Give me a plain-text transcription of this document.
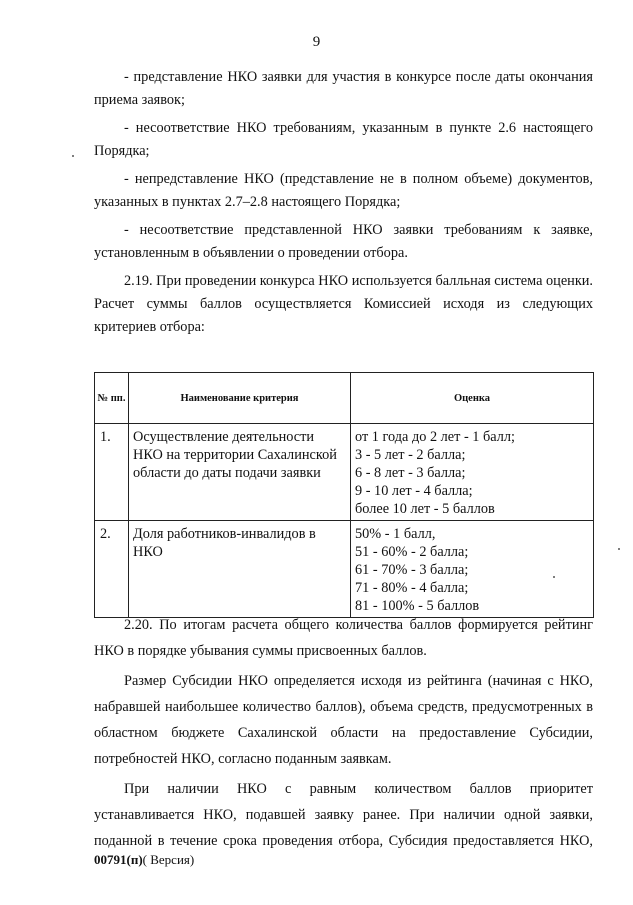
9

- представление НКО заявки для участия в конкурсе после даты окончания приема заявок;

- несоответствие НКО требованиям, указанным в пункте 2.6 настоящего Порядка;

- непредставление НКО (представление не в полном объеме) документов, указанных в пунктах 2.7–2.8 настоящего Порядка;

- несоответствие представленной НКО заявки требованиям к заявке, установленным в объявлении о проведении отбора.

2.19. При проведении конкурса НКО используется балльная система оценки. Расчет суммы баллов осуществляется Комиссией исходя из следующих критериев отбора:

№ пп.	Наименование критерия	Оценка
1.	Осуществление деятельности НКО на территории Сахалинской области до даты подачи заявки	от 1 года до 2 лет - 1 балл;
3 - 5 лет - 2 балла;
6 - 8 лет - 3 балла;
9 - 10 лет - 4 балла;
более 10 лет - 5 баллов

2.	Доля работников-инвалидов в НКО	50% - 1 балл,
51 - 60% - 2 балла;
61 - 70% - 3 балла;
71 - 80% - 4 балла;
81 - 100% - 5 баллов

2.20. По итогам расчета общего количества баллов формируется рейтинг НКО в порядке убывания суммы присвоенных баллов.

Размер Субсидии НКО определяется исходя из рейтинга (начиная с НКО, набравшей наибольшее количество баллов), объема средств, предусмотренных в областном бюджете Сахалинской области на предоставление Субсидии, потребностей НКО, согласно поданным заявкам.

При наличии НКО с равным количеством баллов приоритет устанавливается НКО, подавшей заявку ранее. При наличии одной заявки, поданной в течение срока проведения отбора, Субсидия предоставляется НКО,

00791(п)( Версия)
